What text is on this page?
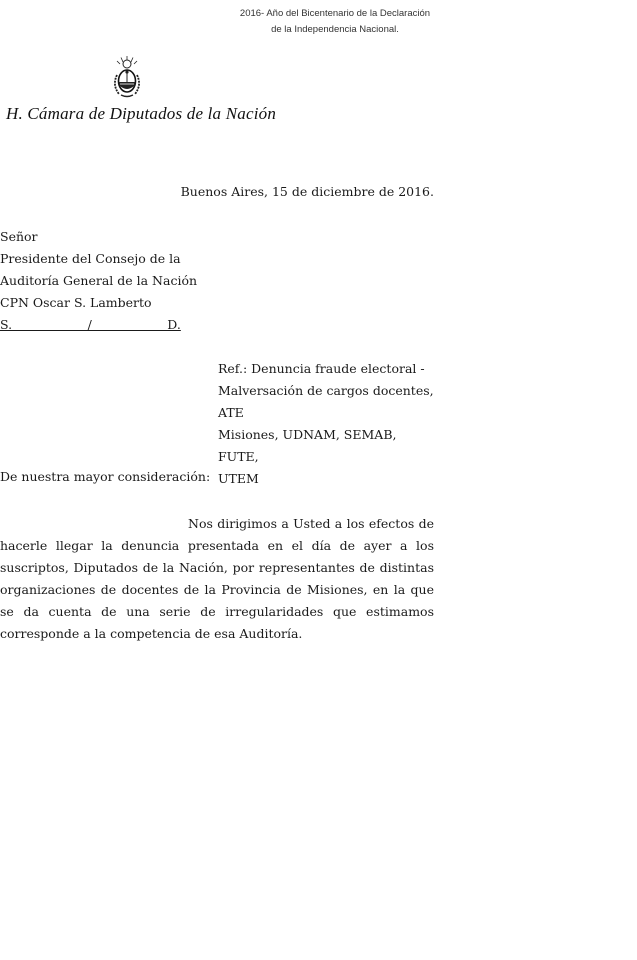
2016- Año del Bicentenario de la Declaración
de la Independencia Nacional.
H. Cámara de Diputados de la Nación
Buenos Aires, 15 de diciembre de 2016.
Señor
Presidente del Consejo de la
Auditoría General de la Nación
CPN Oscar S. Lamberto
S.                   /                   D.
Ref.: Denuncia fraude electoral -
Malversación de cargos docentes, ATE
Misiones, UDNAM, SEMAB, FUTE,
UTEM
De nuestra mayor consideración:
Nos dirigimos a Usted a los efectos de hacerle llegar la denuncia presentada en el día de ayer a los suscriptos, Diputados de la Nación, por representantes de distintas organizaciones de docentes de la Provincia de Misiones, en la que se da cuenta de una serie de irregularidades que estimamos corresponde a la competencia de esa Auditoría.
